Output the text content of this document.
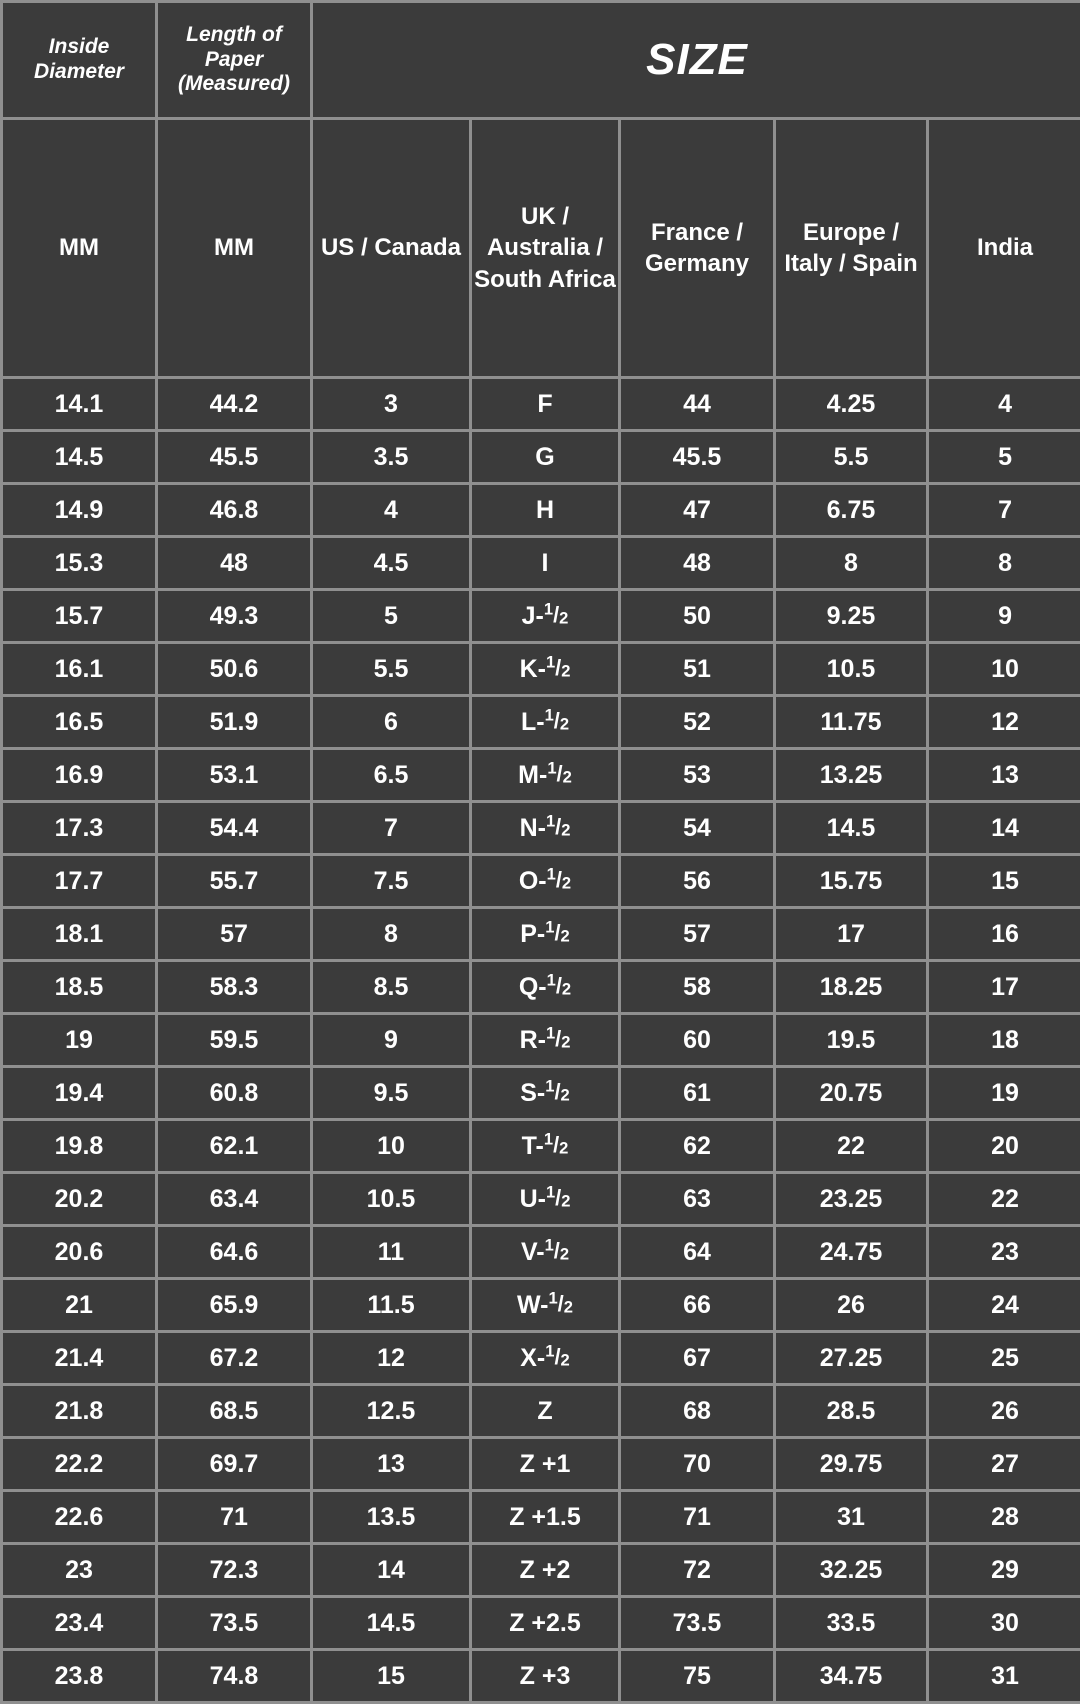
Inside Diameter	Length of Paper (Measured)	SIZE				
MM	MM	US / Canada	UK / Australia / South Africa	France / Germany	Europe / Italy / Spain	India
14.1	44.2	3	F	44	4.25	4
14.5	45.5	3.5	G	45.5	5.5	5
14.9	46.8	4	H	47	6.75	7
15.3	48	4.5	I	48	8	8
15.7	49.3	5	$J-^1/_2$	50	9.25	9
16.1	50.6	5.5	$K-^1/_2$	51	10.5	10
16.5	51.9	6	$L-^1/_2$	52	11.75	12
16.9	53.1	6.5	$M-^1/_2$	53	13.25	13
17.3	54.4	7	$N-^1/_2$	54	14.5	14
17.7	55.7	7.5	$O-^1/_2$	56	15.75	15
18.1	57	8	$P-^1/_2$	57	17	16
18.5	58.3	8.5	$Q-^1/_2$	58	18.25	17
19	59.5	9	$R-^1/_2$	60	19.5	18
19.4	60.8	9.5	$S-^1/_2$	61	20.75	19
19.8	62.1	10	$T-^1/_2$	62	22	20
20.2	63.4	10.5	$U-^1/_2$	63	23.25	22
20.6	64.6	11	$V-^1/_2$	64	24.75	23
21	65.9	11.5	$W-^1/_2$	66	26	24
21.4	67.2	12	$X-^1/_2$	67	27.25	25
21.8	68.5	12.5	Z	68	28.5	26
22.2	69.7	13	Z +1	70	29.75	27
22.6	71	13.5	Z +1.5	71	31	28
23	72.3	14	Z +2	72	32.25	29
23.4	73.5	14.5	Z +2.5	73.5	33.5	30
23.8	74.8	15	Z +3	75	34.75	31
